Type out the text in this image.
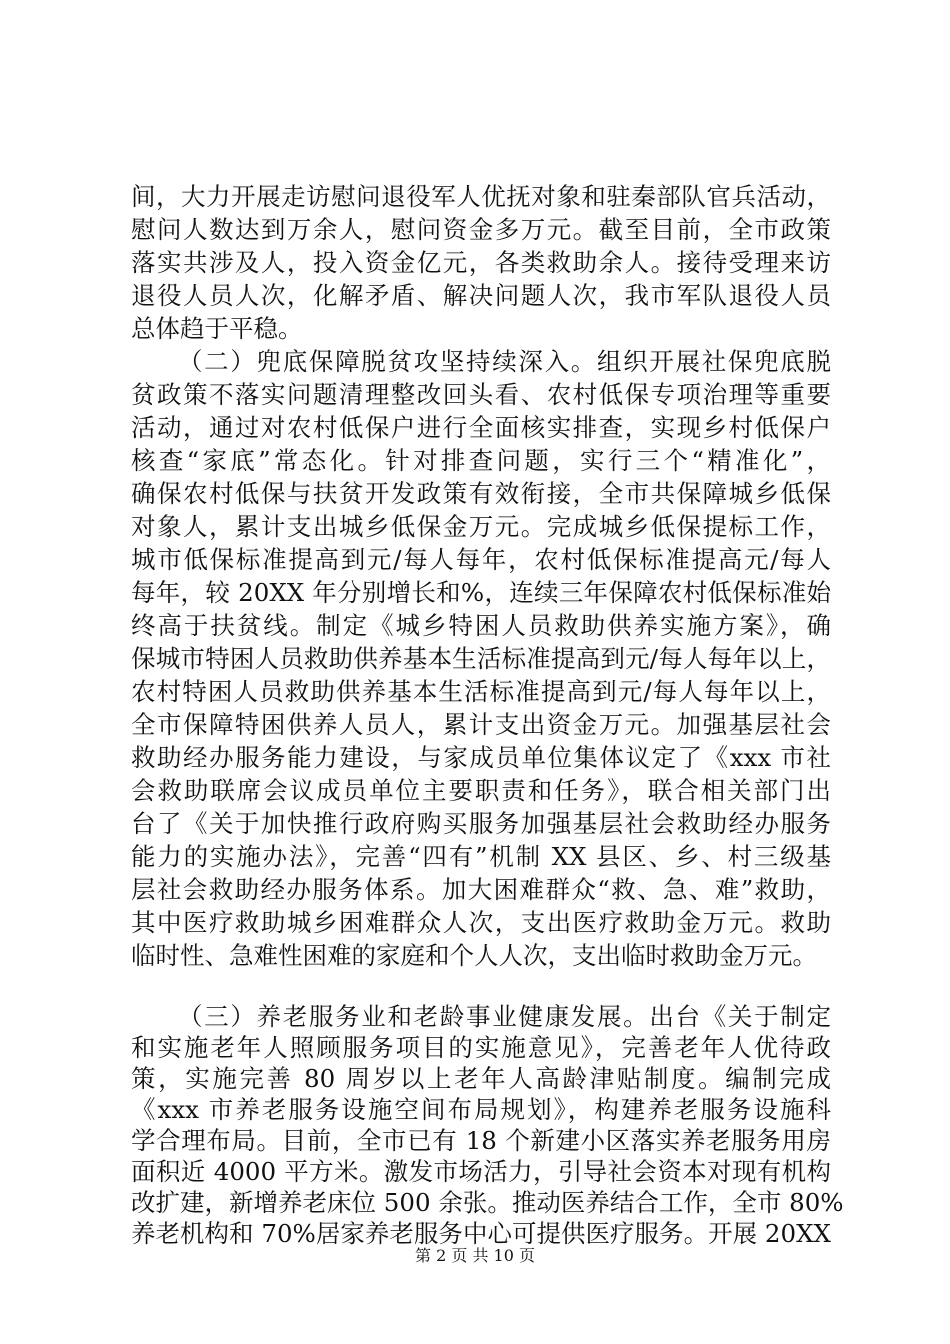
间，大力开展走访慰问退役军人优抚对象和驻秦部队官兵活动，
慰问人数达到万余人，慰问资金多万元。截至目前，全市政策
落实共涉及人，投入资金亿元，各类救助余人。接待受理来访
退役人员人次，化解矛盾、解决问题人次，我市军队退役人员
总体趋于平稳。
（二）兜底保障脱贫攻坚持续深入。组织开展社保兜底脱
贫政策不落实问题清理整改回头看、农村低保专项治理等重要
活动，通过对农村低保户进行全面核实排查，实现乡村低保户
核查“家底”常态化。针对排查问题，实行三个“精准化”，
确保农村低保与扶贫开发政策有效衔接，全市共保障城乡低保
对象人，累计支出城乡低保金万元。完成城乡低保提标工作，
城市低保标准提高到元/每人每年，农村低保标准提高元/每人
每年，较 20XX 年分别增长和%，连续三年保障农村低保标准始
终高于扶贫线。制定《城乡特困人员救助供养实施方案》，确
保城市特困人员救助供养基本生活标准提高到元/每人每年以上，
农村特困人员救助供养基本生活标准提高到元/每人每年以上，
全市保障特困供养人员人，累计支出资金万元。加强基层社会
救助经办服务能力建设，与家成员单位集体议定了《xxx 市社
会救助联席会议成员单位主要职责和任务》，联合相关部门出
台了《关于加快推行政府购买服务加强基层社会救助经办服务
能力的实施办法》，完善“四有”机制 XX 县区、乡、村三级基
层社会救助经办服务体系。加大困难群众“救、急、难”救助，
其中医疗救助城乡困难群众人次，支出医疗救助金万元。救助
临时性、急难性困难的家庭和个人人次，支出临时救助金万元。
（三）养老服务业和老龄事业健康发展。出台《关于制定
和实施老年人照顾服务项目的实施意见》，完善老年人优待政
策，实施完善 80 周岁以上老年人高龄津贴制度。编制完成
《xxx 市养老服务设施空间布局规划》，构建养老服务设施科
学合理布局。目前，全市已有 18 个新建小区落实养老服务用房
面积近 4000 平方米。激发市场活力，引导社会资本对现有机构
改扩建，新增养老床位 500 余张。推动医养结合工作，全市 80%
养老机构和 70%居家养老服务中心可提供医疗服务。开展 20XX
第 2 页 共 10 页
